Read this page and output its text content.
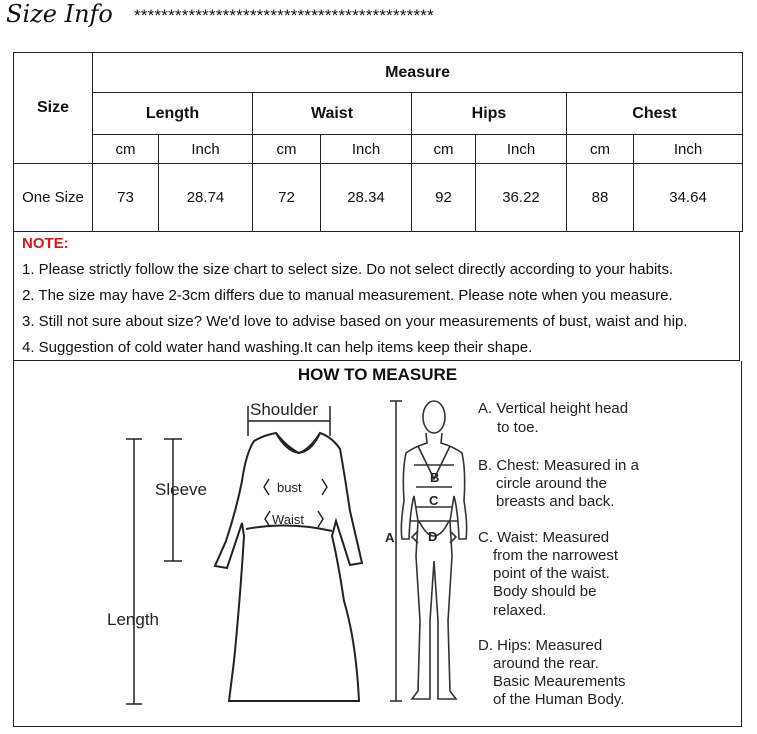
Size Info ********************************************
Size	Measure							
	Length		Waist		Hips		Chest	
	cm	Inch	cm	Inch	cm	Inch	cm	Inch
One Size	73	28.74	72	28.34	92	36.22	88	34.64
NOTE:
1. Please strictly follow the size chart to select size. Do not select directly according to your habits.
2. The size may have 2-3cm differs due to manual measurement. Please note when you measure.
3. Still not sure about size? We'd love to advise based on your measurements of bust, waist and hip.
4. Suggestion of cold water hand washing.It can help items keep their shape.
HOW TO MEASURE
Shoulder
Sleeve	bust
Waist
Length
A
B
C
D
A. Vertical height head
to toe.
B. Chest: Measured in a
circle around the
breasts and back.
C. Waist: Measured
from the narrowest
point of the waist.
Body should be
relaxed.
D. Hips: Measured
around the rear.
Basic Meaurements
of the Human Body.
